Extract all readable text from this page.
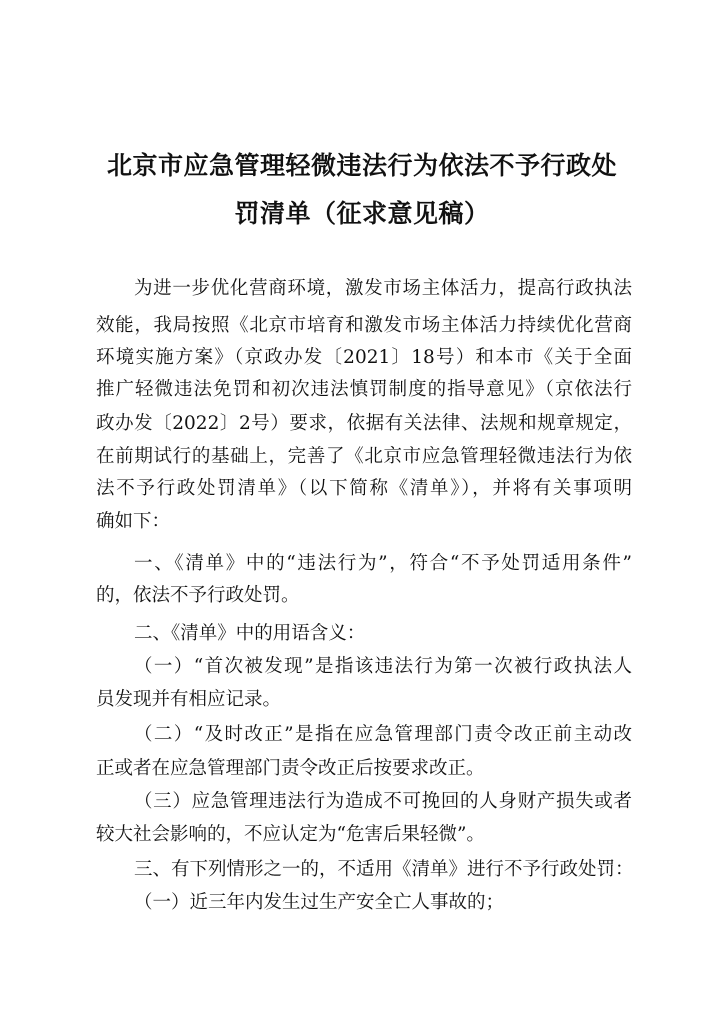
北京市应急管理轻微违法行为依法不予行政处
罚清单（征求意见稿）

为进一步优化营商环境，激发市场主体活力，提高行政执法

效能，我局按照《北京市培育和激发市场主体活力持续优化营商

环境实施方案》（京政办发〔2021〕18号）和本市《关于全面

推广轻微违法免罚和初次违法慎罚制度的指导意见》（京依法行

政办发〔2022〕2号）要求，依据有关法律、法规和规章规定，

在前期试行的基础上，完善了《北京市应急管理轻微违法行为依

法不予行政处罚清单》（以下简称《清单》），并将有关事项明

确如下：

一、《清单》中的“违法行为”，符合“不予处罚适用条件”

的，依法不予行政处罚。

二、《清单》中的用语含义：

（一）“首次被发现”是指该违法行为第一次被行政执法人

员发现并有相应记录。

（二）“及时改正”是指在应急管理部门责令改正前主动改

正或者在应急管理部门责令改正后按要求改正。

（三）应急管理违法行为造成不可挽回的人身财产损失或者

较大社会影响的，不应认定为“危害后果轻微”。

三、有下列情形之一的，不适用《清单》进行不予行政处罚：

（一）近三年内发生过生产安全亡人事故的；
